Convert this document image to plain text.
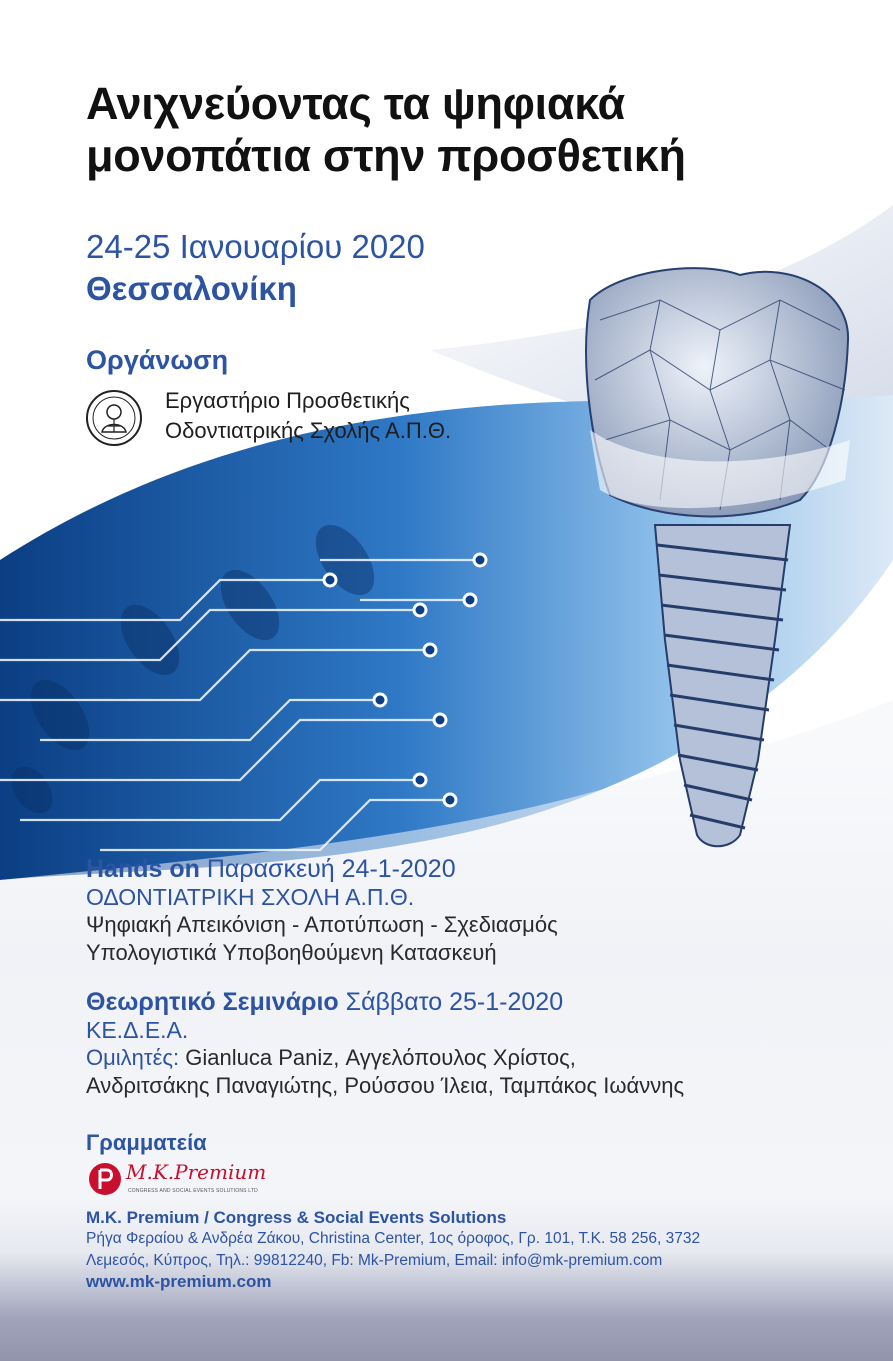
Ανιχνεύοντας τα ψηφιακά
μονοπάτια στην προσθετική
24-25 Ιανουαρίου 2020
Θεσσαλονίκη
Οργάνωση
Εργαστήριο Προσθετικής
Οδοντιατρικής Σχολής Α.Π.Θ.
Hands on Παρασκευή 24-1-2020
ΟΔΟΝΤΙΑΤΡΙΚΗ ΣΧΟΛΗ Α.Π.Θ.
Ψηφιακή Απεικόνιση - Αποτύπωση - Σχεδιασμός
Υπολογιστικά Υποβοηθούμενη Κατασκευή
Θεωρητικό Σεμινάριο Σάββατο 25-1-2020
ΚΕ.Δ.Ε.Α.
Ομιλητές: Gianluca Paniz, Αγγελόπουλος Χρίστος,
Ανδριτσάκης Παναγιώτης, Ρούσσου Ίλεια, Ταμπάκος Ιωάννης
Γραμματεία
M.K.Premium
CONGRESS AND SOCIAL EVENTS SOLUTIONS LTD
M.K. Premium / Congress & Social Events Solutions
Ρήγα Φεραίου & Ανδρέα Ζάκου, Christina Center, 1ος όροφος, Γρ. 101, Τ.Κ. 58 256, 3732
Λεμεσός, Κύπρος, Τηλ.: 99812240, Fb: Mk-Premium, Email: info@mk-premium.com
www.mk-premium.com
